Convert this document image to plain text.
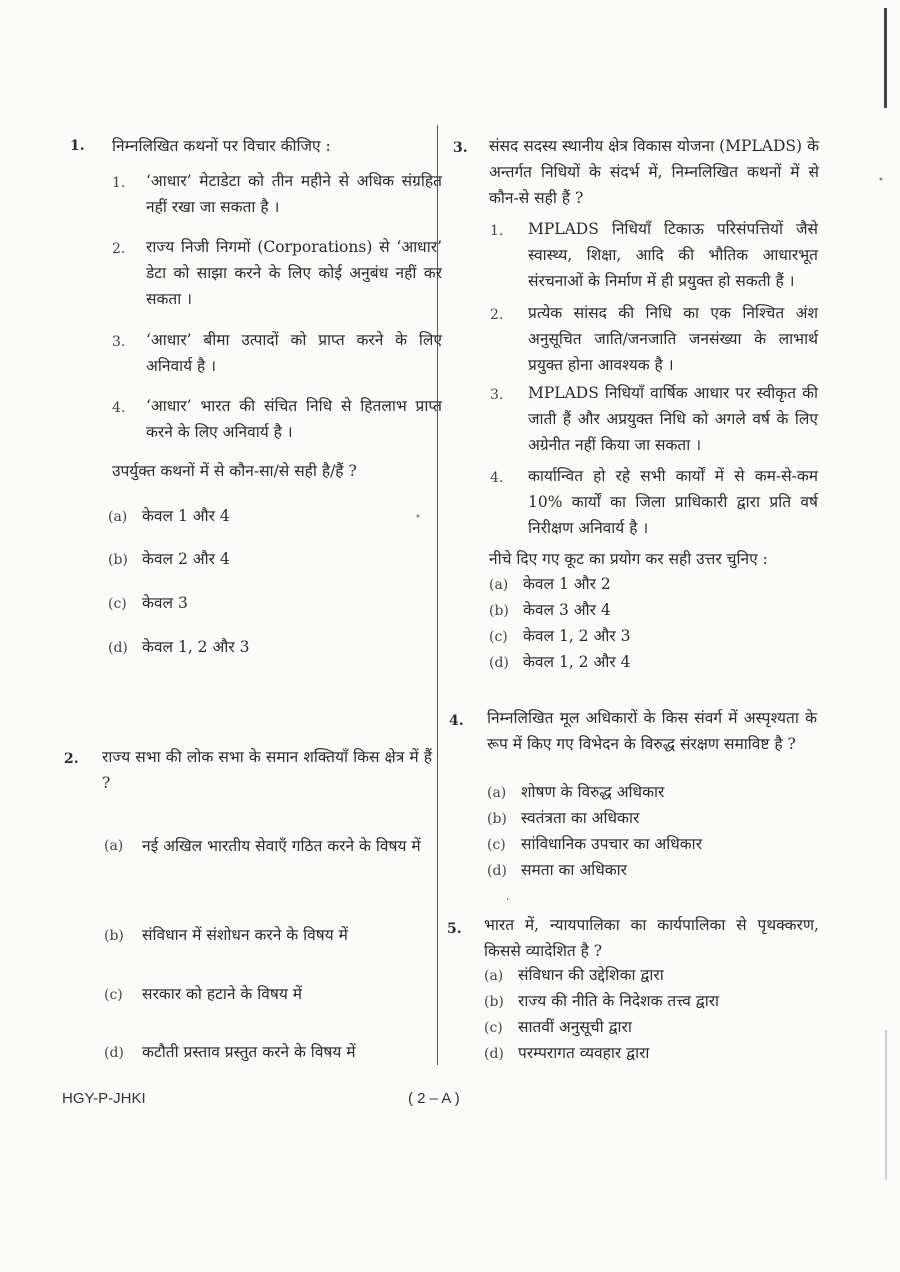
1. निम्नलिखित कथनों पर विचार कीजिए :
1. ‘आधार’ मेटाडेटा को तीन महीने से अधिक संग्रहित नहीं रखा जा सकता है ।
2. राज्य निजी निगमों (Corporations) से ‘आधार’ डेटा को साझा करने के लिए कोई अनुबंध नहीं कर सकता ।
3. ‘आधार’ बीमा उत्पादों को प्राप्त करने के लिए अनिवार्य है ।
4. ‘आधार’ भारत की संचित निधि से हितलाभ प्राप्त करने के लिए अनिवार्य है ।
उपर्युक्त कथनों में से कौन-सा/से सही है/हैं ?
(a) केवल 1 और 4
(b) केवल 2 और 4
(c) केवल 3
(d) केवल 1, 2 और 3
2. राज्य सभा की लोक सभा के समान शक्तियाँ किस क्षेत्र में हैं ?
(a)	नई अखिल भारतीय सेवाएँ गठित करने के विषय में
(b) संविधान में संशोधन करने के विषय में
(c) सरकार को हटाने के विषय में
(d) कटौती प्रस्ताव प्रस्तुत करने के विषय में
3. संसद सदस्य स्थानीय क्षेत्र विकास योजना (MPLADS) के अन्तर्गत निधियों के संदर्भ में, निम्नलिखित कथनों में से कौन-से सही हैं ?
1. MPLADS निधियाँ टिकाऊ परिसंपत्तियों जैसे स्वास्थ्य, शिक्षा, आदि की भौतिक आधारभूत संरचनाओं के निर्माण में ही प्रयुक्त हो सकती हैं ।
2. प्रत्येक सांसद की निधि का एक निश्चित अंश अनुसूचित जाति/जनजाति जनसंख्या के लाभार्थ प्रयुक्त होना आवश्यक है ।
3. MPLADS निधियाँ वार्षिक आधार पर स्वीकृत की जाती हैं और अप्रयुक्त निधि को अगले वर्ष के लिए अग्रेनीत नहीं किया जा सकता ।
4. कार्यान्वित हो रहे सभी कार्यों में से कम-से-कम 10% कार्यों का जिला प्राधिकारी द्वारा प्रति वर्ष निरीक्षण अनिवार्य है ।
नीचे दिए गए कूट का प्रयोग कर सही उत्तर चुनिए :
(a) केवल 1 और 2
(b) केवल 3 और 4
(c) केवल 1, 2 और 3
(d) केवल 1, 2 और 4
4. निम्नलिखित मूल अधिकारों के किस संवर्ग में अस्पृश्यता के रूप में किए गए विभेदन के विरुद्ध संरक्षण समाविष्ट है ?
(a) शोषण के विरुद्ध अधिकार
(b) स्वतंत्रता का अधिकार
(c) सांविधानिक उपचार का अधिकार
(d) समता का अधिकार
5. भारत में, न्यायपालिका का कार्यपालिका से पृथक्करण, किससे व्यादेशित है ?
(a) संविधान की उद्देशिका द्वारा
(b) राज्य की नीति के निदेशक तत्त्व द्वारा
(c) सातवीं अनुसूची द्वारा
(d) परम्परागत व्यवहार द्वारा
•
•
ʻ
HGY-P-JHKI	( 2 – A )
